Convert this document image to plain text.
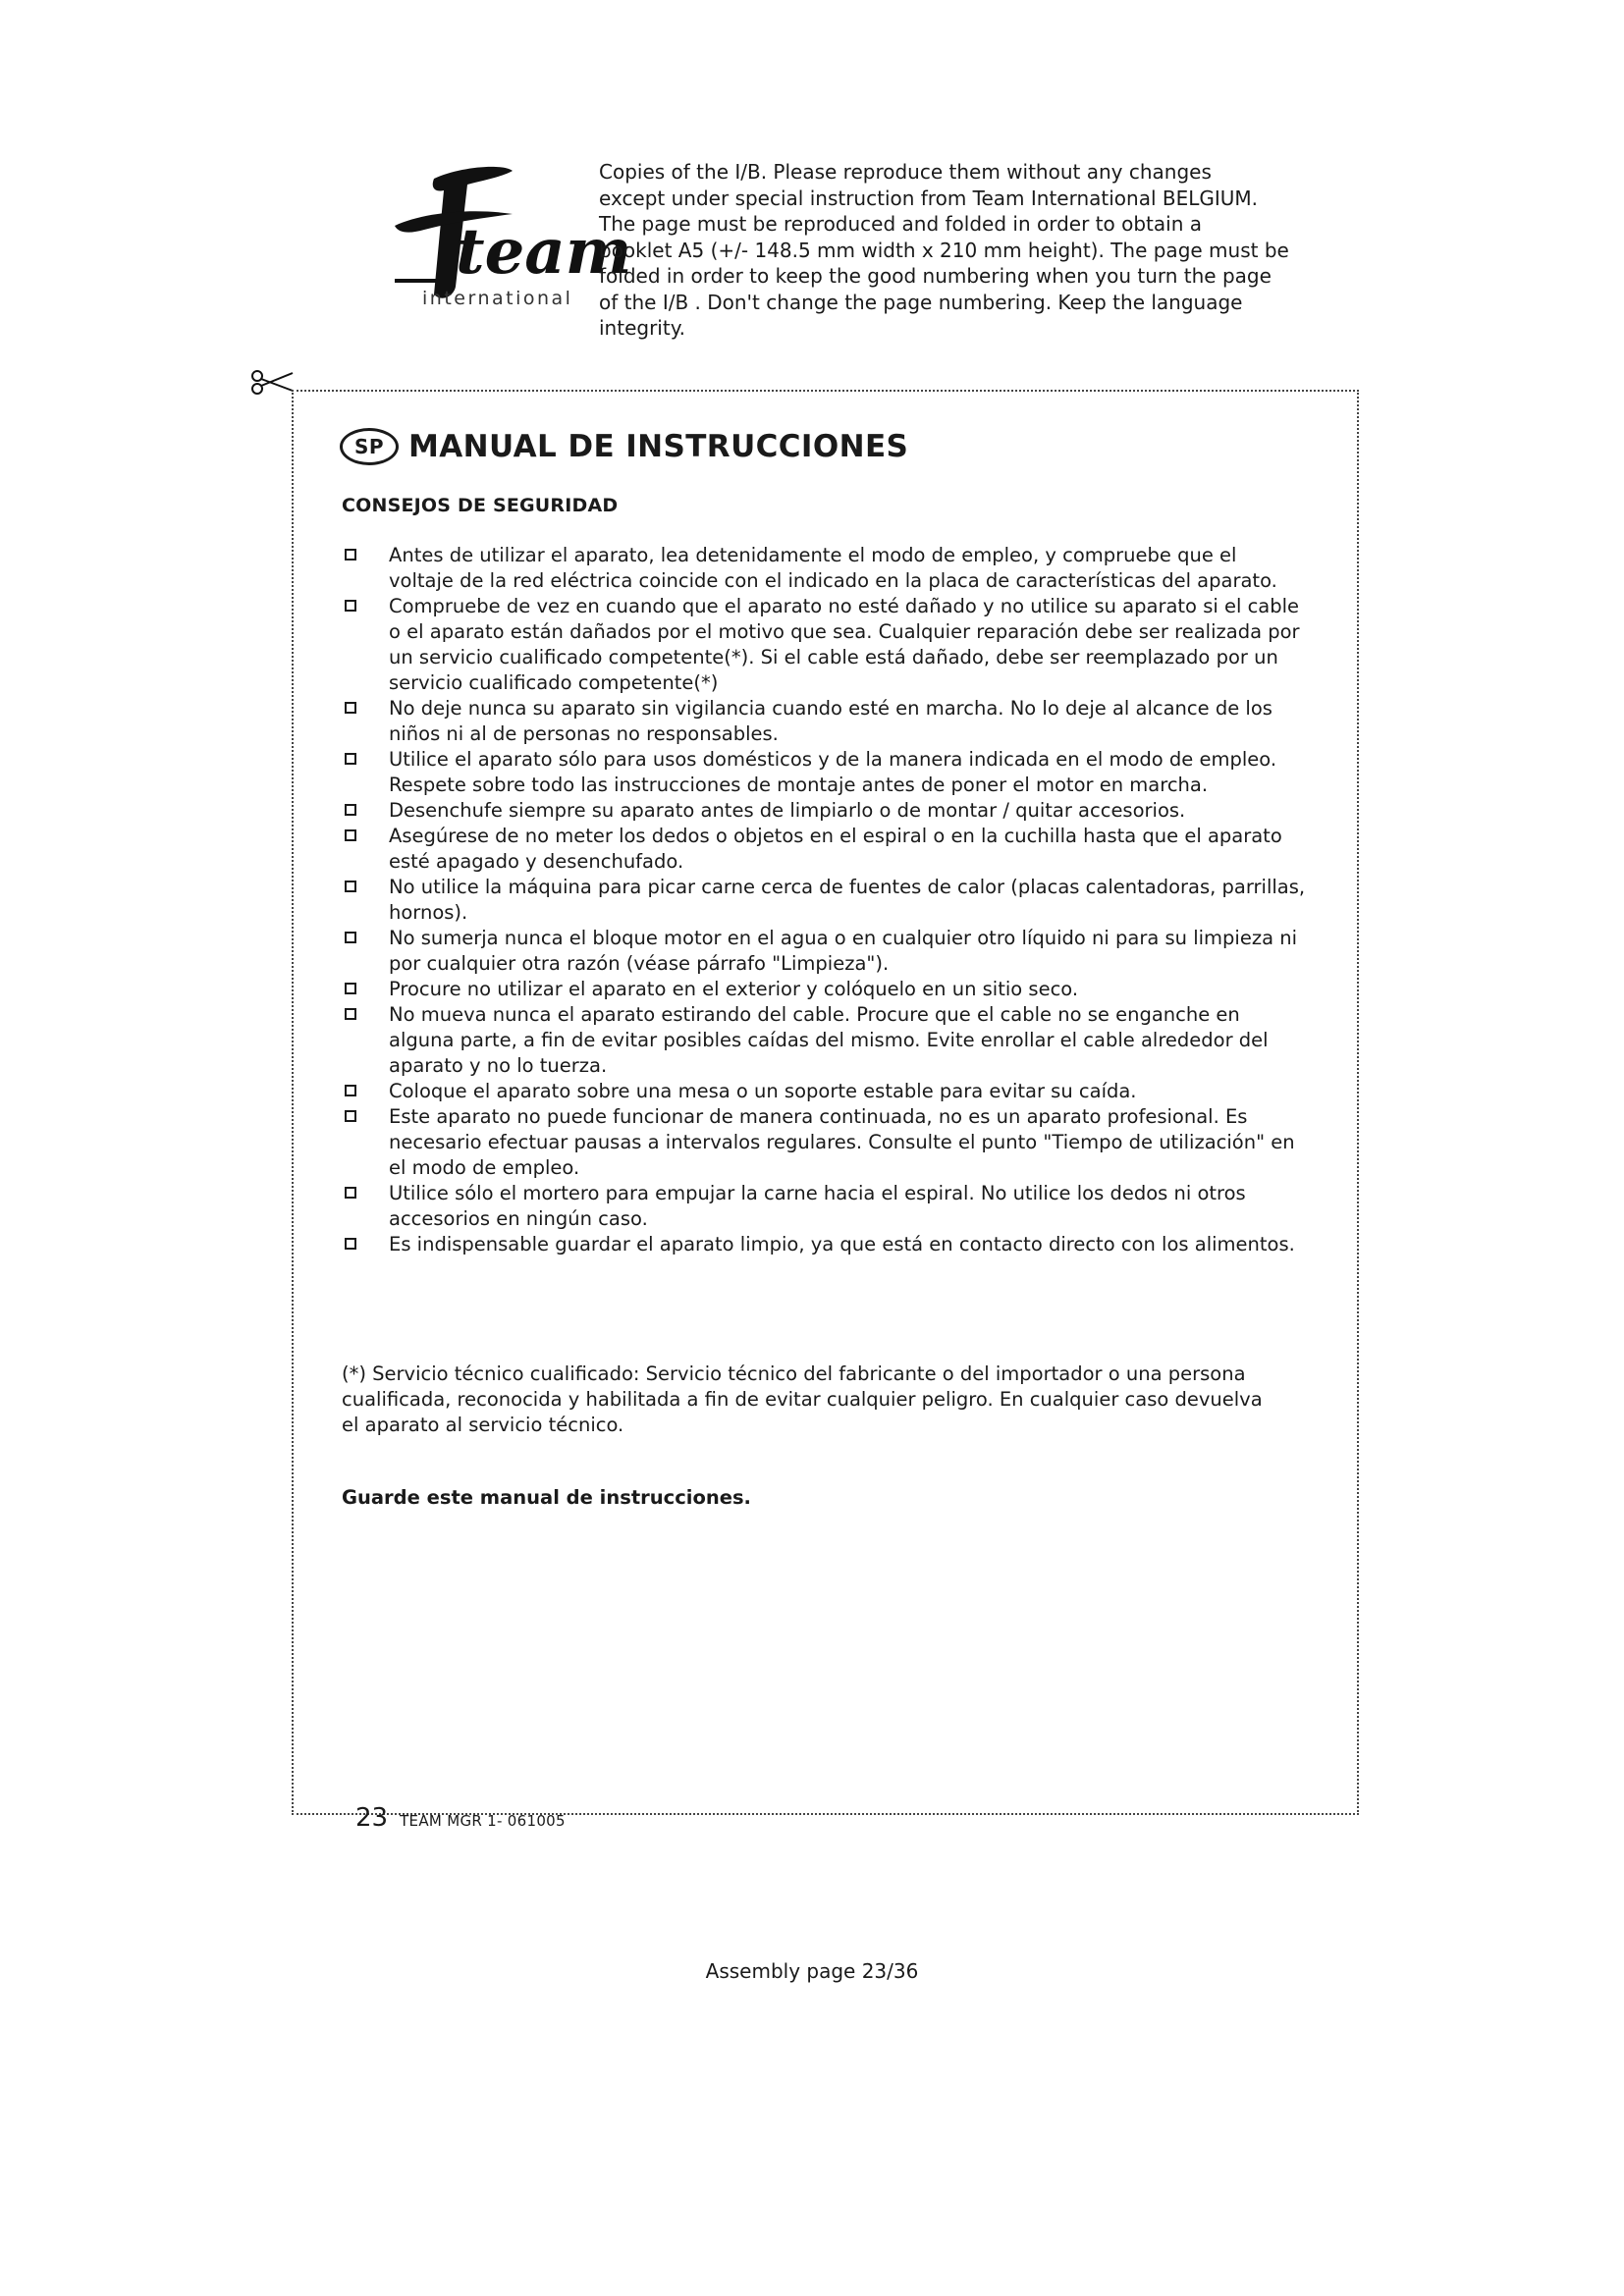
team
international

Copies of the I/B. Please reproduce them without any changes

except under special instruction from Team International BELGIUM.

The page must be reproduced and folded in order to obtain a

booklet A5 (+/- 148.5 mm width x 210 mm height). The page must be

folded in order to keep the good numbering when you turn the page

of the I/B . Don't change the page numbering. Keep the language

integrity.

SP MANUAL DE INSTRUCCIONES
CONSEJOS DE SEGURIDAD
Antes de utilizar el aparato, lea detenidamente el modo de empleo, y compruebe que el voltaje de la red eléctrica coincide con el indicado en la placa de características del aparato.
Compruebe de vez en cuando que el aparato no esté dañado y no utilice su aparato si el cable o el aparato están dañados por el motivo que sea. Cualquier reparación debe ser realizada por un servicio cualificado competente(*). Si el cable está dañado, debe ser reemplazado por un servicio cualificado competente(*)
No deje nunca su aparato sin vigilancia cuando esté en marcha. No lo deje al alcance de los niños ni al de personas no responsables.
Utilice el aparato sólo para usos domésticos y de la manera indicada en el modo de empleo. Respete sobre todo las instrucciones de montaje antes de poner el motor en marcha.
Desenchufe siempre su aparato antes de limpiarlo o de montar / quitar accesorios.
Asegúrese de no meter los dedos o objetos en el espiral o en la cuchilla hasta que el aparato esté apagado y desenchufado.
No utilice la máquina para picar carne cerca de fuentes de calor (placas calentadoras, parrillas, hornos).
No sumerja nunca el bloque motor en el agua o en cualquier otro líquido ni para su limpieza ni por cualquier otra razón (véase párrafo "Limpieza").
Procure no utilizar el aparato en el exterior y colóquelo en un sitio seco.
No mueva nunca el aparato estirando del cable. Procure que el cable no se enganche en alguna parte, a fin de evitar posibles caídas del mismo. Evite enrollar el cable alrededor del aparato y no lo tuerza.
Coloque el aparato sobre una mesa o un soporte estable para evitar su caída.
Este aparato no puede funcionar de manera continuada, no es un aparato profesional. Es necesario efectuar pausas a intervalos regulares. Consulte el punto "Tiempo de utilización" en el modo de empleo.
Utilice sólo el mortero para empujar la carne hacia el espiral. No utilice los dedos ni otros accesorios en ningún caso.
Es indispensable guardar el aparato limpio, ya que está en contacto directo con los alimentos.

(*) Servicio técnico cualificado: Servicio técnico del fabricante o del importador o una persona cualificada, reconocida y habilitada a fin de evitar cualquier peligro. En cualquier caso devuelva el aparato al servicio técnico.

Guarde este manual de instrucciones.
23 TEAM MGR 1- 061005
Assembly page 23/36
